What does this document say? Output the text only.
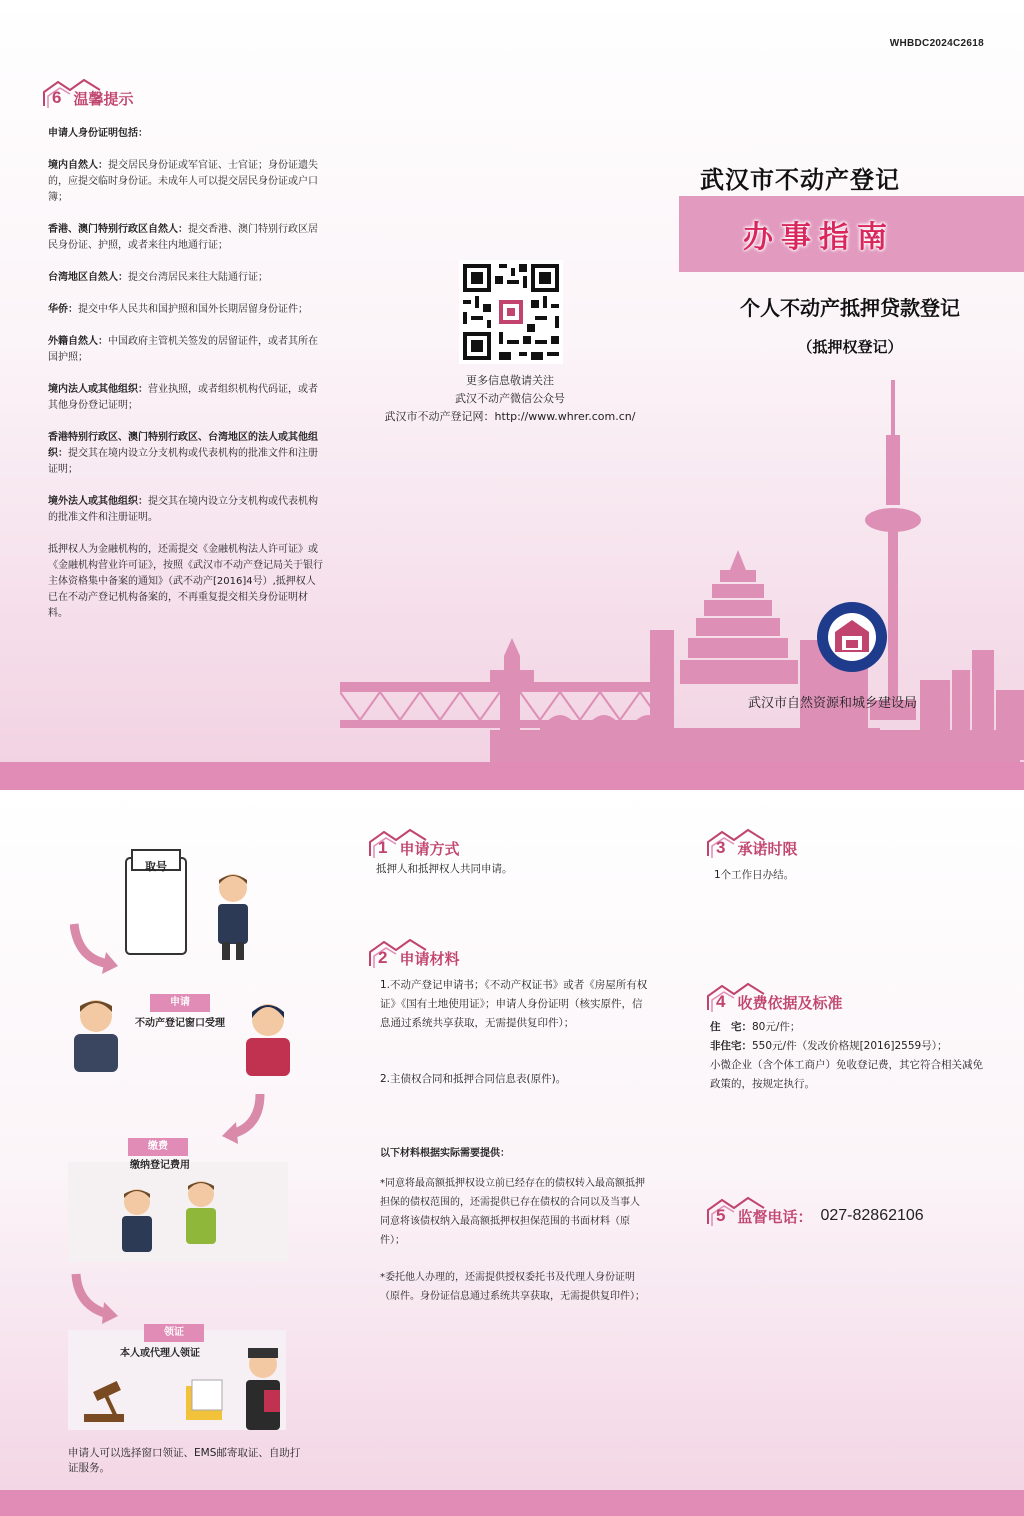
WHBDC2024C2618
6 温馨提示

申请人身份证明包括：

境内自然人：提交居民身份证或军官证、士官证；身份证遗失的，应提交临时身份证。未成年人可以提交居民身份证或户口簿；

香港、澳门特别行政区自然人：提交香港、澳门特别行政区居民身份证、护照，或者来往内地通行证；

台湾地区自然人：提交台湾居民来往大陆通行证；

华侨：提交中华人民共和国护照和国外长期居留身份证件；

外籍自然人：中国政府主管机关签发的居留证件，或者其所在国护照；

境内法人或其他组织：营业执照，或者组织机构代码证，或者其他身份登记证明；

香港特别行政区、澳门特别行政区、台湾地区的法人或其他组织：提交其在境内设立分支机构或代表机构的批准文件和注册证明；

境外法人或其他组织：提交其在境内设立分支机构或代表机构的批准文件和注册证明。

抵押权人为金融机构的，还需提交《金融机构法人许可证》或《金融机构营业许可证》，按照《武汉市不动产登记局关于银行主体资格集中备案的通知》（武不动产[2016]4号）,抵押权人已在不动产登记机构备案的，不再重复提交相关身份证明材料。

更多信息敬请关注
武汉不动产微信公众号
武汉市不动产登记网：http://www.whrer.com.cn/
武汉市不动产登记
办事指南
个人不动产抵押贷款登记
（抵押权登记）
武汉市自然资源和城乡建设局
取号
申请
不动产登记窗口受理
缴费
缴纳登记费用
领证
本人或代理人领证
申请人可以选择窗口领证、EMS邮寄取证、自助打证服务。
1 申请方式
抵押人和抵押权人共同申请。
2 申请材料
1.不动产登记申请书；《不动产权证书》或者《房屋所有权证》《国有土地使用证》；申请人身份证明（核实原件，信息通过系统共享获取，无需提供复印件）；
2.主债权合同和抵押合同信息表(原件)。
以下材料根据实际需要提供：
*同意将最高额抵押权设立前已经存在的债权转入最高额抵押担保的债权范围的，还需提供已存在债权的合同以及当事人同意将该债权纳入最高额抵押权担保范围的书面材料（原件）；
*委托他人办理的，还需提供授权委托书及代理人身份证明（原件。身份证信息通过系统共享获取，无需提供复印件）；
3 承诺时限
1个工作日办结。
4 收费依据及标准
住　宅：80元/件；
非住宅：550元/件（发改价格规[2016]2559号）；
小微企业（含个体工商户）免收登记费，其它符合相关减免政策的，按规定执行。
5 监督电话： 027-82862106
